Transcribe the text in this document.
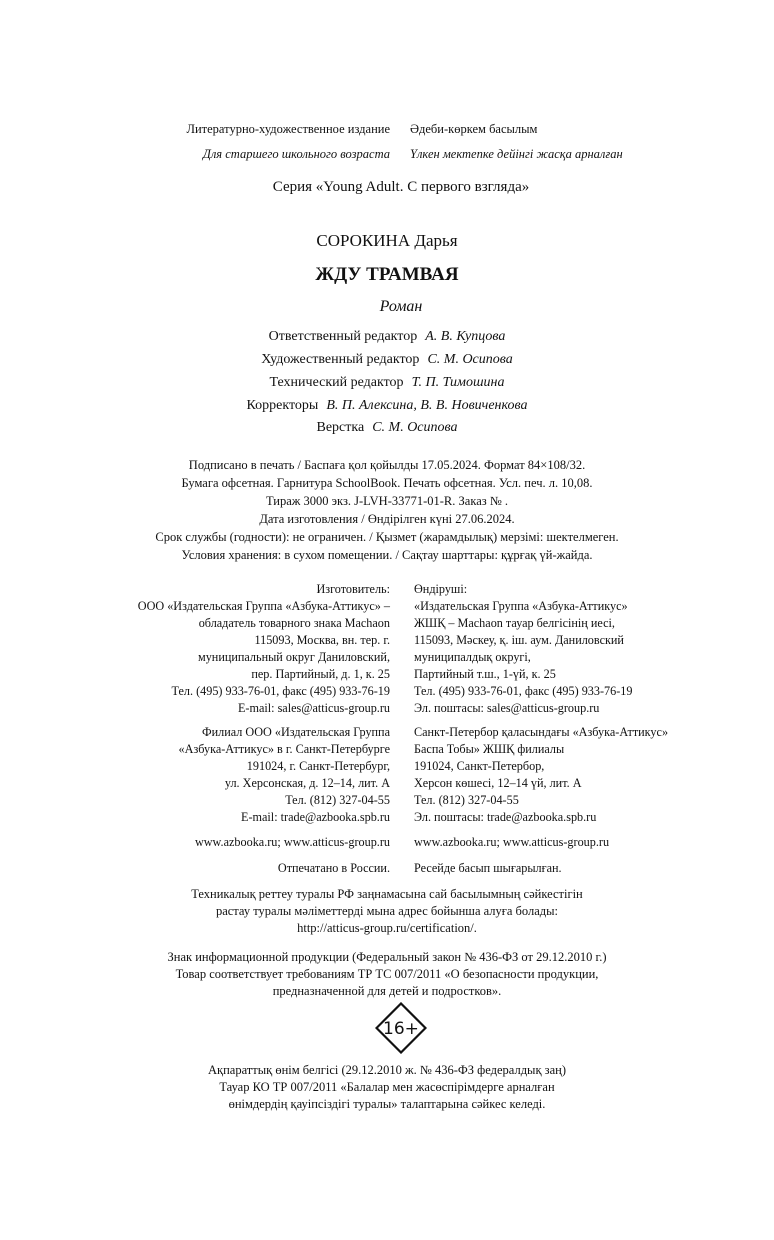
Литературно-художественное издание Әдеби-көркем басылым
Для старшего школьного возраста Үлкен мектепке дейінгі жасқа арналған
Серия «Young Adult. С первого взгляда»
СОРОКИНА Дарья
ЖДУ ТРАМВАЯ
Роман
Ответственный редактор А. В. Купцова
Художественный редактор С. М. Осипова
Технический редактор Т. П. Тимошина
Корректоры В. П. Алексина, В. В. Новиченкова
Верстка С. М. Осипова
Подписано в печать / Баспаға қол қойылды 17.05.2024. Формат 84×108/32.
Бумага офсетная. Гарнитура SchoolBook. Печать офсетная. Усл. печ. л. 10,08.
Тираж 3000 экз. J-LVH-33771-01-R. Заказ № .
Дата изготовления / Өндірілген күні 27.06.2024.
Срок службы (годности): не ограничен. / Қызмет (жарамдылық) мерзімі: шектелмеген.
Условия хранения: в сухом помещении. / Сақтау шарттары: құрғақ үй-жайда.
Изготовитель:
ООО «Издательская Группа «Азбука-Аттикус» –
обладатель товарного знака Machaon
115093, Москва, вн. тер. г.
муниципальный округ Даниловский,
пер. Партийный, д. 1, к. 25
Тел. (495) 933-76-01, факс (495) 933-76-19
E-mail: sales@atticus-group.ru
Өндіруші:
«Издательская Группа «Азбука-Аттикус»
ЖШҚ – Machaon тауар белгісінің иесі,
115093, Мәскеу, қ. іш. аум. Даниловский
муниципалдық округі,
Партийный т.ш., 1-үй, к. 25
Тел. (495) 933-76-01, факс (495) 933-76-19
Эл. поштасы: sales@atticus-group.ru
Филиал ООО «Издательская Группа
«Азбука-Аттикус» в г. Санкт-Петербурге
191024, г. Санкт-Петербург,
ул. Херсонская, д. 12–14, лит. А
Тел. (812) 327-04-55
E-mail: trade@azbooka.spb.ru
Санкт-Петербор қаласындағы «Азбука-Аттикус»
Баспа Тобы» ЖШҚ филиалы
191024, Санкт-Петербор,
Херсон көшесі, 12–14 үй, лит. А
Тел. (812) 327-04-55
Эл. поштасы: trade@azbooka.spb.ru
www.azbooka.ru; www.atticus-group.ru www.azbooka.ru; www.atticus-group.ru
Отпечатано в России. Ресейде басып шығарылған.
Техникалық реттеу туралы РФ заңнамасына сай басылымның сәйкестігін
растау туралы мәліметтерді мына адрес бойынша алуға болады:
http://atticus-group.ru/certification/.
Знак информационной продукции (Федеральный закон № 436-ФЗ от 29.12.2010 г.)
Товар соответствует требованиям ТР ТС 007/2011 «О безопасности продукции,
предназначенной для детей и подростков».
16+
Ақпараттық өнім белгісі (29.12.2010 ж. № 436-ФЗ федералдық заң)
Тауар КО ТР 007/2011 «Балалар мен жасөспірімдерге арналған
өнімдердің қауіпсіздігі туралы» талаптарына сәйкес келеді.
